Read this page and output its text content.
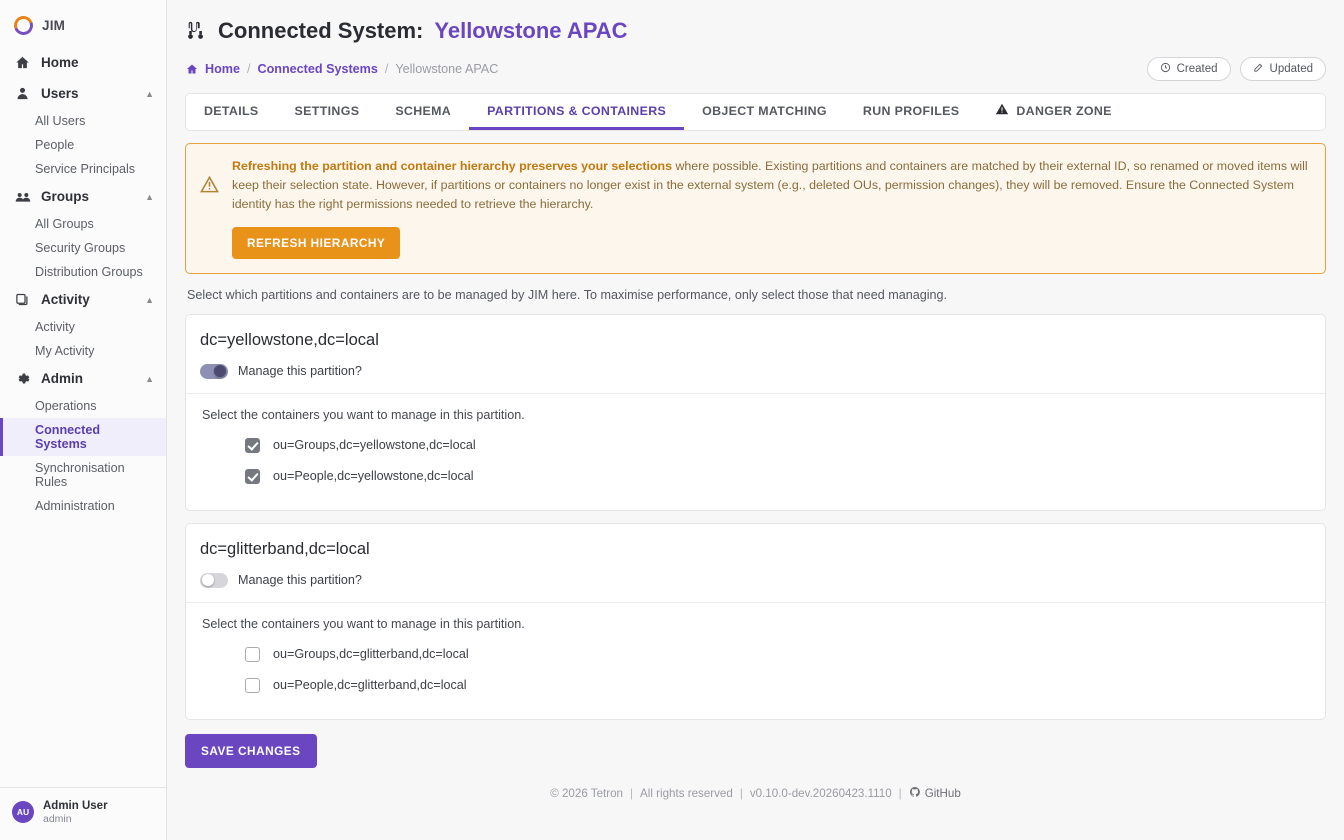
JIM
Home
Users	▲
All Users
People
Service Principals
Groups	▲
All Groups
Security Groups
Distribution Groups
Activity	▲
Activity
My Activity
Admin	▲
Operations
Connected Systems
Synchronisation Rules
Administration
AU
Admin User
admin
Connected System: Yellowstone APAC
Home / Connected Systems / Yellowstone APAC	Created	Updated
DETAILS	SETTINGS	SCHEMA	PARTITIONS & CONTAINERS	OBJECT MATCHING	RUN PROFILES	DANGER ZONE
Refreshing the partition and container hierarchy preserves your selections where possible. Existing partitions and containers are matched by their external ID, so renamed or moved items will keep their selection state. However, if partitions or containers no longer exist in the external system (e.g., deleted OUs, permission changes), they will be removed. Ensure the Connected System identity has the right permissions needed to retrieve the hierarchy.
REFRESH HIERARCHY

Select which partitions and containers are to be managed by JIM here. To maximise performance, only select those that need managing.

dc=yellowstone,dc=local
Manage this partition?
Select the containers you want to manage in this partition.
ou=Groups,dc=yellowstone,dc=local
ou=People,dc=yellowstone,dc=local
dc=glitterband,dc=local
Manage this partition?
Select the containers you want to manage in this partition.
ou=Groups,dc=glitterband,dc=local
ou=People,dc=glitterband,dc=local
SAVE CHANGES
© 2026 Tetron | All rights reserved | v0.10.0-dev.20260423.1110 | GitHub
